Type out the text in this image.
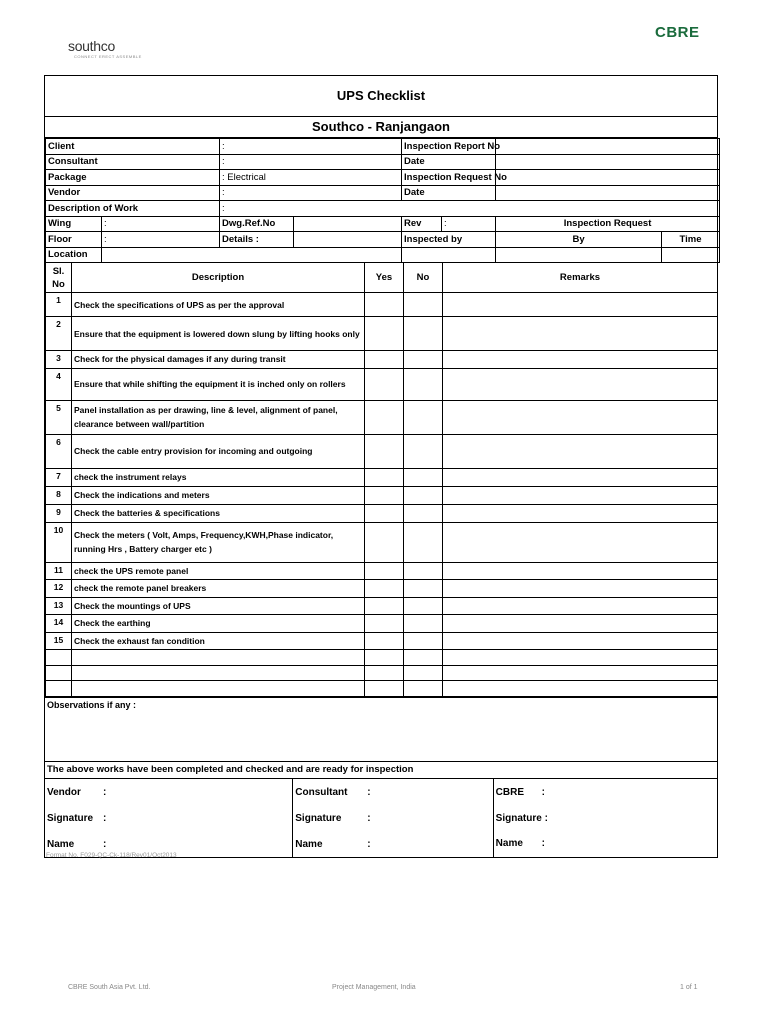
southco
CONNECT ERECT ASSEMBLE
CBRE
UPS Checklist
Southco - Ranjangaon
Client		:		Inspection Report No			
Consultant		:		Date			
Package		: Electrical		Inspection Request No			
Vendor		:		Date			
Description of Work		:					
Wing	:	Dwg.Ref.No		Rev	:	Inspection Request	
Floor	:	Details :		Inspected by		By	Time
Location							
Sl. No	Description	Yes	No	Remarks
1	Check the specifications of UPS as per the approval			
2	Ensure that the equipment is lowered down slung by lifting hooks only			
3	Check for the physical damages if any during transit			
4	Ensure that while shifting the equipment it is inched only on rollers			
5	Panel installation as per drawing, line & level, alignment of panel, clearance between wall/partition			
6	Check the cable entry provision for incoming and outgoing			
7	check the instrument relays			
8	Check the indications and meters			
9	Check the batteries & specifications			
10	Check the meters ( Volt, Amps, Frequency,KWH,Phase indicator, running Hrs , Battery charger etc )			
11	check the UPS remote panel			
12	check the remote panel breakers			
13	Check the mountings of UPS			
14	Check the earthing			
15	Check the exhaust fan condition			

Observations if any :
The above works have been completed and checked and are ready for inspection
Vendor :
Signature :
Name	:
Consultant :
Signature	:
Name	:
CBRE :
Signature :
Name :
Format No. F029-QC-Ck-118/Rev01/Oct2013
CBRE South Asia Pvt. Ltd.	Project Management, India	1 of 1
